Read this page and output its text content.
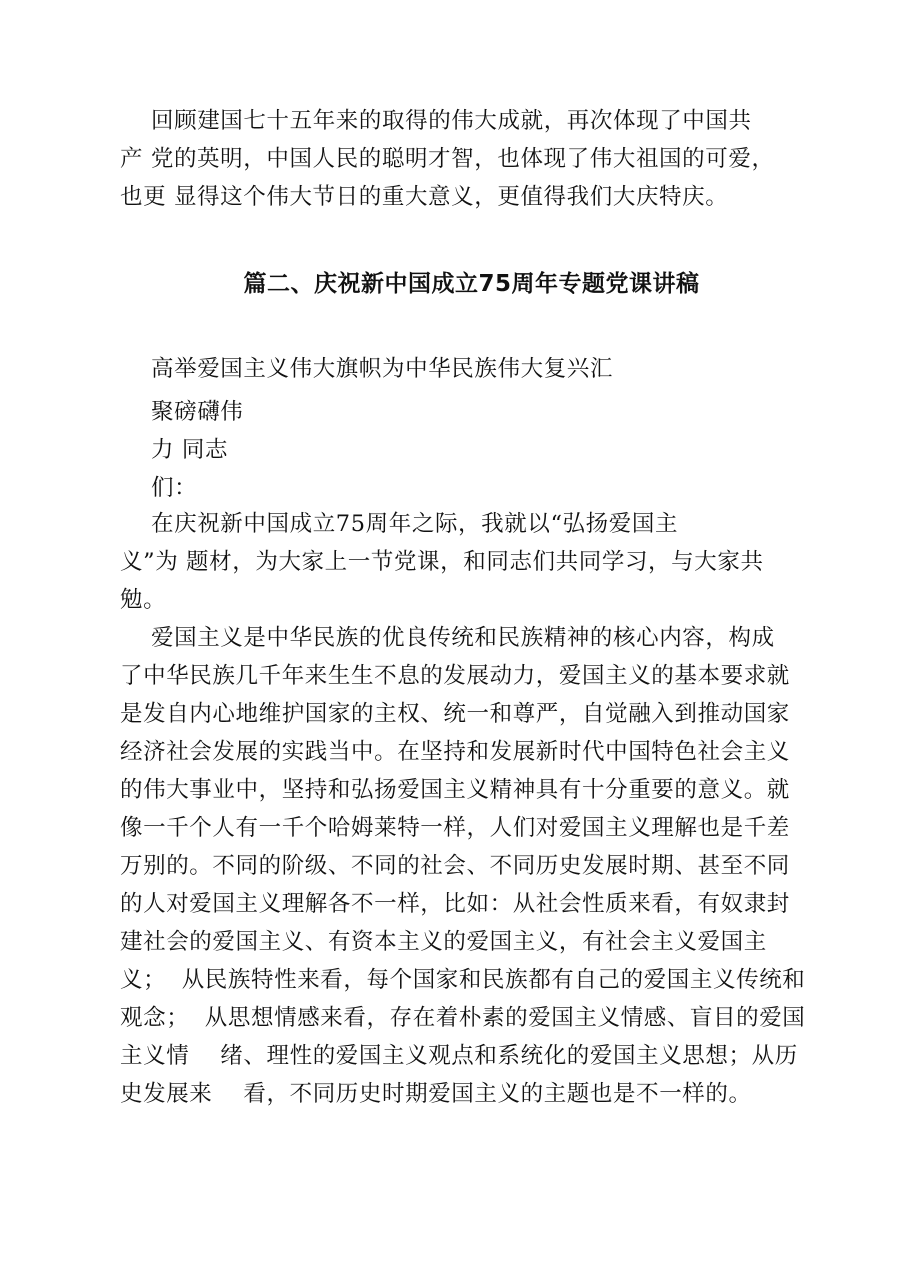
回顾建国七十五年来的取得的伟大成就，再次体现了中国共
产 党的英明，中国人民的聪明才智，也体现了伟大祖国的可爱，
也更 显得这个伟大节日的重大意义，更值得我们大庆特庆。
篇二、庆祝新中国成立75周年专题党课讲稿
高举爱国主义伟大旗帜为中华民族伟大复兴汇
聚磅礴伟
力 同志
们：
在庆祝新中国成立75周年之际，我就以“弘扬爱国主
义”为 题材，为大家上一节党课，和同志们共同学习，与大家共
勉。
爱国主义是中华民族的优良传统和民族精神的核心内容，构成
了中华民族几千年来生生不息的发展动力，爱国主义的基本要求就
是发自内心地维护国家的主权、统一和尊严，自觉融入到推动国家
经济社会发展的实践当中。在坚持和发展新时代中国特色社会主义
的伟大事业中，坚持和弘扬爱国主义精神具有十分重要的意义。就
像一千个人有一千个哈姆莱特一样，人们对爱国主义理解也是千差
万别的。不同的阶级、不同的社会、不同历史发展时期、甚至不同
的人对爱国主义理解各不一样，比如：从社会性质来看，有奴隶封
建社会的爱国主义、有资本主义的爱国主义，有社会主义爱国主
义；  从民族特性来看，每个国家和民族都有自己的爱国主义传统和
观念；  从思想情感来看，存在着朴素的爱国主义情感、盲目的爱国
主义情    绪、理性的爱国主义观点和系统化的爱国主义思想；从历
史发展来    看，不同历史时期爱国主义的主题也是不一样的。
